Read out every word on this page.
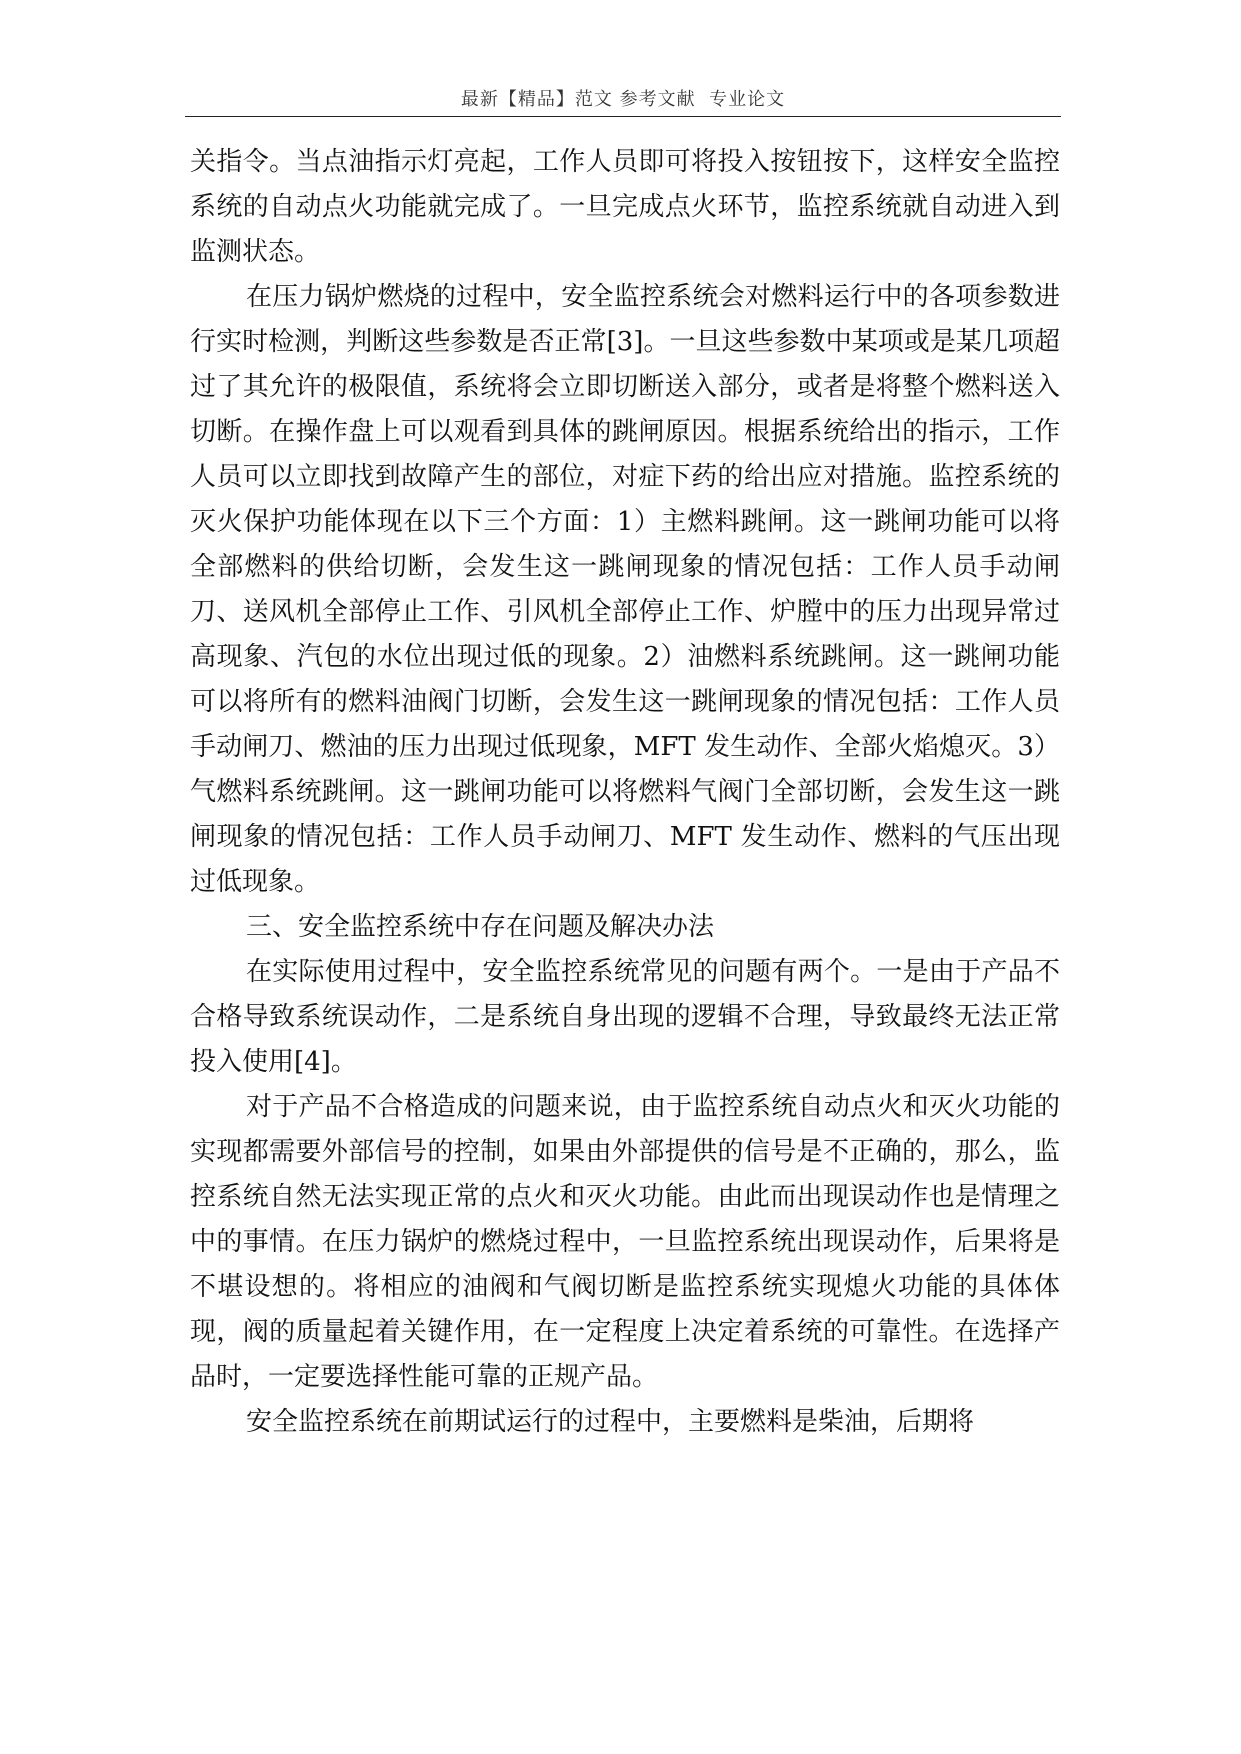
最新【精品】范文 参考文献  专业论文

关指令。当点油指示灯亮起，工作人员即可将投入按钮按下，这样安全监控系统的自动点火功能就完成了。一旦完成点火环节，监控系统就自动进入到监测状态。

在压力锅炉燃烧的过程中，安全监控系统会对燃料运行中的各项参数进行实时检测，判断这些参数是否正常[3]。一旦这些参数中某项或是某几项超过了其允许的极限值，系统将会立即切断送入部分，或者是将整个燃料送入切断。在操作盘上可以观看到具体的跳闸原因。根据系统给出的指示，工作人员可以立即找到故障产生的部位，对症下药的给出应对措施。监控系统的灭火保护功能体现在以下三个方面：1）主燃料跳闸。这一跳闸功能可以将全部燃料的供给切断，会发生这一跳闸现象的情况包括：工作人员手动闸刀、送风机全部停止工作、引风机全部停止工作、炉膛中的压力出现异常过高现象、汽包的水位出现过低的现象。2）油燃料系统跳闸。这一跳闸功能可以将所有的燃料油阀门切断，会发生这一跳闸现象的情况包括：工作人员手动闸刀、燃油的压力出现过低现象，MFT 发生动作、全部火焰熄灭。3）气燃料系统跳闸。这一跳闸功能可以将燃料气阀门全部切断，会发生这一跳闸现象的情况包括：工作人员手动闸刀、MFT 发生动作、燃料的气压出现过低现象。

三、安全监控系统中存在问题及解决办法

在实际使用过程中，安全监控系统常见的问题有两个。一是由于产品不合格导致系统误动作，二是系统自身出现的逻辑不合理，导致最终无法正常投入使用[4]。

对于产品不合格造成的问题来说，由于监控系统自动点火和灭火功能的实现都需要外部信号的控制，如果由外部提供的信号是不正确的，那么，监控系统自然无法实现正常的点火和灭火功能。由此而出现误动作也是情理之中的事情。在压力锅炉的燃烧过程中，一旦监控系统出现误动作，后果将是不堪设想的。将相应的油阀和气阀切断是监控系统实现熄火功能的具体体现，阀的质量起着关键作用，在一定程度上决定着系统的可靠性。在选择产品时，一定要选择性能可靠的正规产品。

安全监控系统在前期试运行的过程中，主要燃料是柴油，后期将
